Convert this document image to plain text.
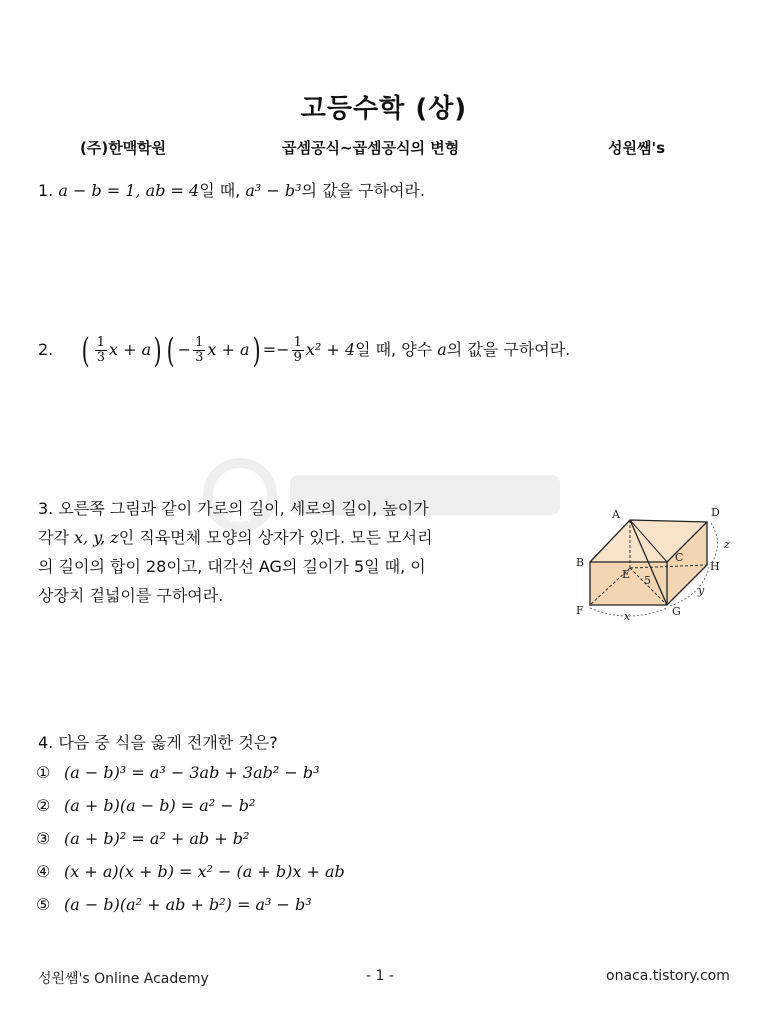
고등수학 (상)
(주)한맥학원	곱셈공식~곱셈공식의 변형	성원쌤's
1. a − b = 1, ab = 4일 때, a³ − b³의 값을 구하여라.
2. ( $\frac{1}{3}$ x + a) ( − $\frac{1}{3}$ $x + a) =- \frac{1}{9} x^2 + 4$일 때, 양수 a의 값을 구하여라.
3. 오른쪽 그림과 같이 가로의 길이, 세로의 길이, 높이가
각각 x, y, z인 직육면체 모양의 상자가 있다. 모든 모서리
의 길이의 합이 28이고, 대각선 AG의 길이가 5일 때, 이
상장치 겉넓이를 구하여라.
A
B	C
D
E
F	G
H
5
x
y
z
4. 다음 중 식을 옳게 전개한 것은?
① (a − b)³ = a³ − 3ab + 3ab² − b³
② (a + b)(a − b) = a² − b²
③ (a + b)² = a² + ab + b²
④ (x + a)(x + b) = x² − (a + b)x + ab
⑤ (a − b)(a² + ab + b²) = a³ − b³
성원쌤's Online Academy	- 1 -	onaca.tistory.com
